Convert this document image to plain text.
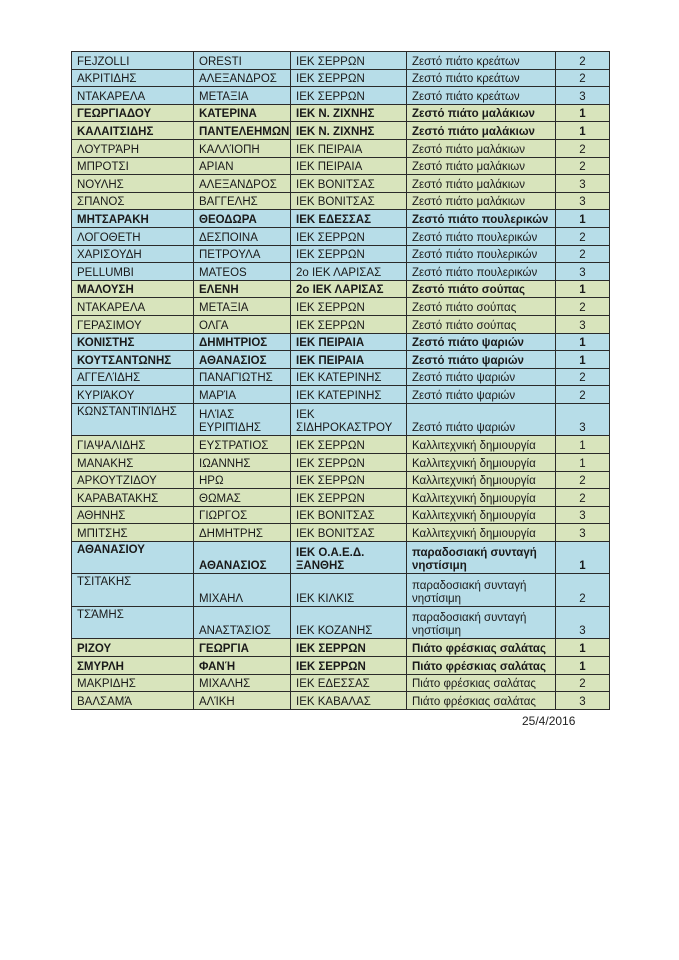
FEJZOLLI	ORESTI	ΙΕΚ ΣΕΡΡΩΝ	Ζεστό πιάτο κρεάτων	2
ΑΚΡΙΤΙΔΗΣ	ΑΛΕΞΑΝΔΡΟΣ	ΙΕΚ ΣΕΡΡΩΝ	Ζεστό πιάτο κρεάτων	2
ΝΤΑΚΑΡΕΛΑ	ΜΕΤΑΞΙΑ	ΙΕΚ ΣΕΡΡΩΝ	Ζεστό πιάτο κρεάτων	3
ΓΕΩΡΓΙΑΔΟΥ	ΚΑΤΕΡΙΝΑ	ΙΕΚ Ν. ΖΙΧΝΗΣ	Ζεστό πιάτο μαλάκιων	1
ΚΑΛΑΙΤΣΙΔΗΣ	ΠΑΝΤΕΛΕΗΜΩΝ	ΙΕΚ Ν. ΖΙΧΝΗΣ	Ζεστό πιάτο μαλάκιων	1
ΛΟΥΤΡΆΡΗ	ΚΑΛΛΊΟΠΗ	ΙΕΚ ΠΕΙΡΑΙΑ	Ζεστό πιάτο μαλάκιων	2
ΜΠΡΟΤΣΙ	ΑΡΙΑΝ	ΙΕΚ ΠΕΙΡΑΙΑ	Ζεστό πιάτο μαλάκιων	2
ΝΟΥΛΗΣ	ΑΛΕΞΑΝΔΡΟΣ	ΙΕΚ ΒΟΝΙΤΣΑΣ	Ζεστό πιάτο μαλάκιων	3
ΣΠΑΝΟΣ	ΒΑΓΓΕΛΗΣ	ΙΕΚ ΒΟΝΙΤΣΑΣ	Ζεστό πιάτο μαλάκιων	3
ΜΗΤΣΑΡΑΚΗ	ΘΕΟΔΩΡΑ	ΙΕΚ ΕΔΕΣΣΑΣ	Ζεστό πιάτο πουλερικών	1
ΛΟΓΟΘΕΤΗ	ΔΕΣΠΟΙΝΑ	ΙΕΚ ΣΕΡΡΩΝ	Ζεστό πιάτο πουλερικών	2
ΧΑΡΙΣΟΥΔΗ	ΠΕΤΡΟΥΛΑ	ΙΕΚ ΣΕΡΡΩΝ	Ζεστό πιάτο πουλερικών	2
PELLUMBI	MATEOS	2ο ΙΕΚ ΛΑΡΙΣΑΣ	Ζεστό πιάτο πουλερικών	3
ΜΑΛΟΥΣΗ	ΕΛΕΝΗ	2ο ΙΕΚ ΛΑΡΙΣΑΣ	Ζεστό πιάτο σούπας	1
ΝΤΑΚΑΡΕΛΑ	ΜΕΤΑΞΙΑ	ΙΕΚ ΣΕΡΡΩΝ	Ζεστό πιάτο σούπας	2
ΓΕΡΑΣΙΜΟΥ	ΟΛΓΑ	ΙΕΚ ΣΕΡΡΩΝ	Ζεστό πιάτο σούπας	3
ΚΟΝΙΣΤΗΣ	ΔΗΜΗΤΡΙΟΣ	ΙΕΚ ΠΕΙΡΑΙΑ	Ζεστό πιάτο ψαριών	1
ΚΟΥΤΣΑΝΤΩΝΗΣ	ΑΘΑΝΑΣΙΟΣ	ΙΕΚ ΠΕΙΡΑΙΑ	Ζεστό πιάτο ψαριών	1
ΑΓΓΕΛΊΔΗΣ	ΠΑΝΑΓΊΩΤΗΣ	ΙΕΚ ΚΑΤΕΡΙΝΗΣ	Ζεστό πιάτο ψαριών	2
ΚΥΡΙΆΚΟΥ	ΜΑΡΊΑ	ΙΕΚ ΚΑΤΕΡΙΝΗΣ	Ζεστό πιάτο ψαριών	2
ΚΩΝΣΤΑΝΤΙΝΊΔΗΣ	ΗΛΊΑΣ ΕΥΡΙΠΊΔΗΣ	ΙΕΚ ΣΙΔΗΡΟΚΑΣΤΡΟΥ	Ζεστό πιάτο ψαριών	3
ΓΙΑΨΑΛΙΔΗΣ	ΕΥΣΤΡΑΤΙΟΣ	ΙΕΚ ΣΕΡΡΩΝ	Καλλιτεχνική δημιουργία	1
ΜΑΝΑΚΗΣ	ΙΩΑΝΝΗΣ	ΙΕΚ ΣΕΡΡΩΝ	Καλλιτεχνική δημιουργία	1
ΑΡΚΟΥΤΖΙΔΟΥ	ΗΡΩ	ΙΕΚ ΣΕΡΡΩΝ	Καλλιτεχνική δημιουργία	2
ΚΑΡΑΒΑΤΑΚΗΣ	ΘΩΜΑΣ	ΙΕΚ ΣΕΡΡΩΝ	Καλλιτεχνική δημιουργία	2
ΑΘΗΝΗΣ	ΓΙΩΡΓΟΣ	ΙΕΚ ΒΟΝΙΤΣΑΣ	Καλλιτεχνική δημιουργία	3
ΜΠΙΤΣΗΣ	ΔΗΜΗΤΡΗΣ	ΙΕΚ ΒΟΝΙΤΣΑΣ	Καλλιτεχνική δημιουργία	3
ΑΘΑΝΑΣΙΟΥ	ΑΘΑΝΑΣΙΟΣ	ΙΕΚ Ο.Α.Ε.Δ. ΞΑΝΘΗΣ	παραδοσιακή συνταγή νηστίσιμη	1
ΤΣΙΤΑΚΗΣ	ΜΙΧΑΗΛ	ΙΕΚ ΚΙΛΚΙΣ	παραδοσιακή συνταγή νηστίσιμη	2
ΤΣΆΜΗΣ	ΑΝΑΣΤΆΣΙΟΣ	ΙΕΚ ΚΟΖΑΝΗΣ	παραδοσιακή συνταγή νηστίσιμη	3
ΡΙΖΟΥ	ΓΕΩΡΓΙΑ	ΙΕΚ ΣΕΡΡΩΝ	Πιάτο φρέσκιας σαλάτας	1
ΣΜΥΡΛΗ	ΦΑΝΉ	ΙΕΚ ΣΕΡΡΩΝ	Πιάτο φρέσκιας σαλάτας	1
ΜΑΚΡΙΔΗΣ	ΜΙΧΑΛΗΣ	ΙΕΚ ΕΔΕΣΣΑΣ	Πιάτο φρέσκιας σαλάτας	2
ΒΑΛΣΑΜΆ	ΑΛΊΚΗ	ΙΕΚ ΚΑΒΑΛΑΣ	Πιάτο φρέσκιας σαλάτας	3
25/4/2016
